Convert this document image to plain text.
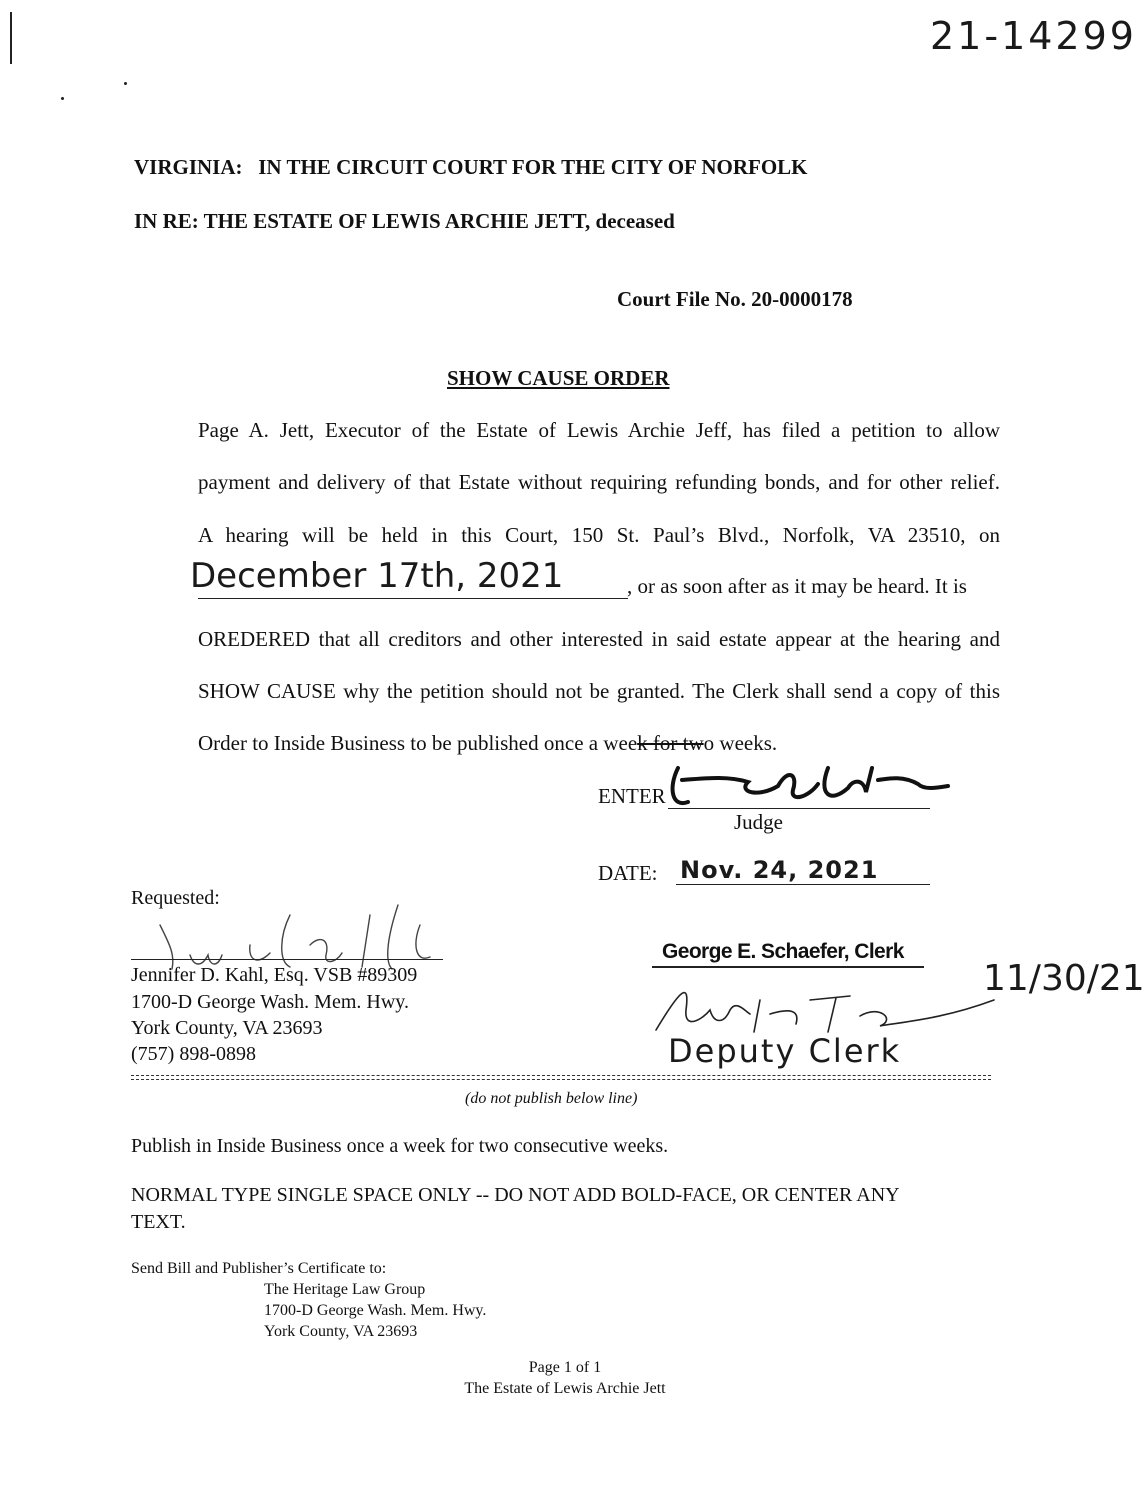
21-14299
VIRGINIA:   IN THE CIRCUIT COURT FOR THE CITY OF NORFOLK
IN RE: THE ESTATE OF LEWIS ARCHIE JETT, deceased
Court File No. 20-0000178
SHOW CAUSE ORDER
Page A. Jett, Executor of the Estate of Lewis Archie Jeff, has filed a petition to allow
payment and delivery of that Estate without requiring refunding bonds, and for other relief.
A hearing will be held in this Court, 150 St. Paul’s Blvd., Norfolk, VA 23510, on
December 17th, 2021	, or as soon after as it may be heard. It is
OREDERED that all creditors and other interested in said estate appear at the hearing and
SHOW CAUSE why the petition should not be granted. The Clerk shall send a copy of this
Order to Inside Business to be published once a week for two weeks.
ENTER
Judge
DATE: Nov. 24, 2021
Requested:
Jennifer D. Kahl, Esq. VSB #89309
1700-D George Wash. Mem. Hwy.
York County, VA 23693
(757) 898-0898
George E. Schaefer, Clerk
11/30/21
Deputy Clerk
(do not publish below line)
Publish in Inside Business once a week for two consecutive weeks.
NORMAL TYPE SINGLE SPACE ONLY -- DO NOT ADD BOLD-FACE, OR CENTER ANY
TEXT.
Send Bill and Publisher’s Certificate to:
The Heritage Law Group
1700-D George Wash. Mem. Hwy.
York County, VA 23693
Page 1 of 1
The Estate of Lewis Archie Jett
